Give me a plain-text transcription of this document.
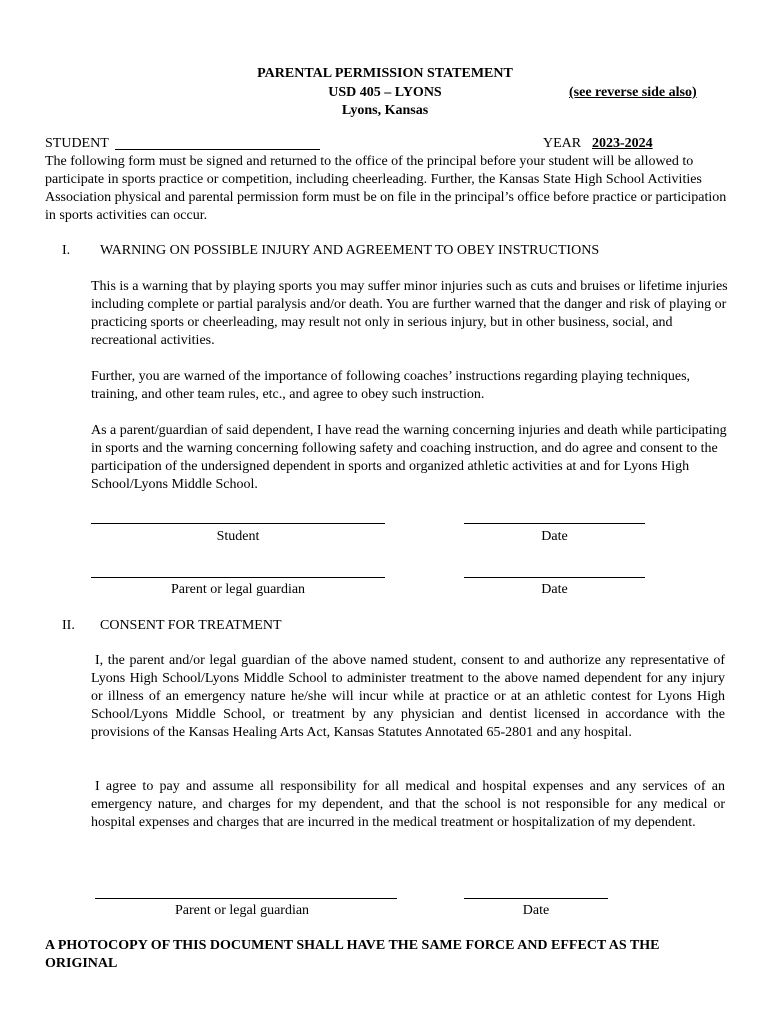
PARENTAL PERMISSION STATEMENT
USD 405 – LYONS	(see reverse side also)
Lyons, Kansas
STUDENT	YEAR 2023-2024

The following form must be signed and returned to the office of the principal before your student will be allowed to participate in sports practice or competition, including cheerleading. Further, the Kansas State High School Activities Association physical and parental permission form must be on file in the principal’s office before practice or participation in sports activities can occur.

I. WARNING ON POSSIBLE INJURY AND AGREEMENT TO OBEY INSTRUCTIONS

This is a warning that by playing sports you may suffer minor injuries such as cuts and bruises or lifetime injuries including complete or partial paralysis and/or death. You are further warned that the danger and risk of playing or practicing sports or cheerleading, may result not only in serious injury, but in other business, social, and recreational activities.

Further, you are warned of the importance of following coaches’ instructions regarding playing techniques, training, and other team rules, etc., and agree to obey such instruction.

As a parent/guardian of said dependent, I have read the warning concerning injuries and death while participating in sports and the warning concerning following safety and coaching instruction, and do agree and consent to the participation of the undersigned dependent in sports and organized athletic activities at and for Lyons High School/Lyons Middle School.

Student	Date
Parent or legal guardian	Date
II. CONSENT FOR TREATMENT

I, the parent and/or legal guardian of the above named student, consent to and authorize any representative of Lyons High School/Lyons Middle School to administer treatment to the above named dependent for any injury or illness of an emergency nature he/she will incur while at practice or at an athletic contest for Lyons High School/Lyons Middle School, or treatment by any physician and dentist licensed in accordance with the provisions of the Kansas Healing Arts Act, Kansas Statutes Annotated 65-2801 and any hospital.

I agree to pay and assume all responsibility for all medical and hospital expenses and any services of an emergency nature, and charges for my dependent, and that the school is not responsible for any medical or hospital expenses and charges that are incurred in the medical treatment or hospitalization of my dependent.

Parent or legal guardian	Date

A PHOTOCOPY OF THIS DOCUMENT SHALL HAVE THE SAME FORCE AND EFFECT AS THE ORIGINAL
